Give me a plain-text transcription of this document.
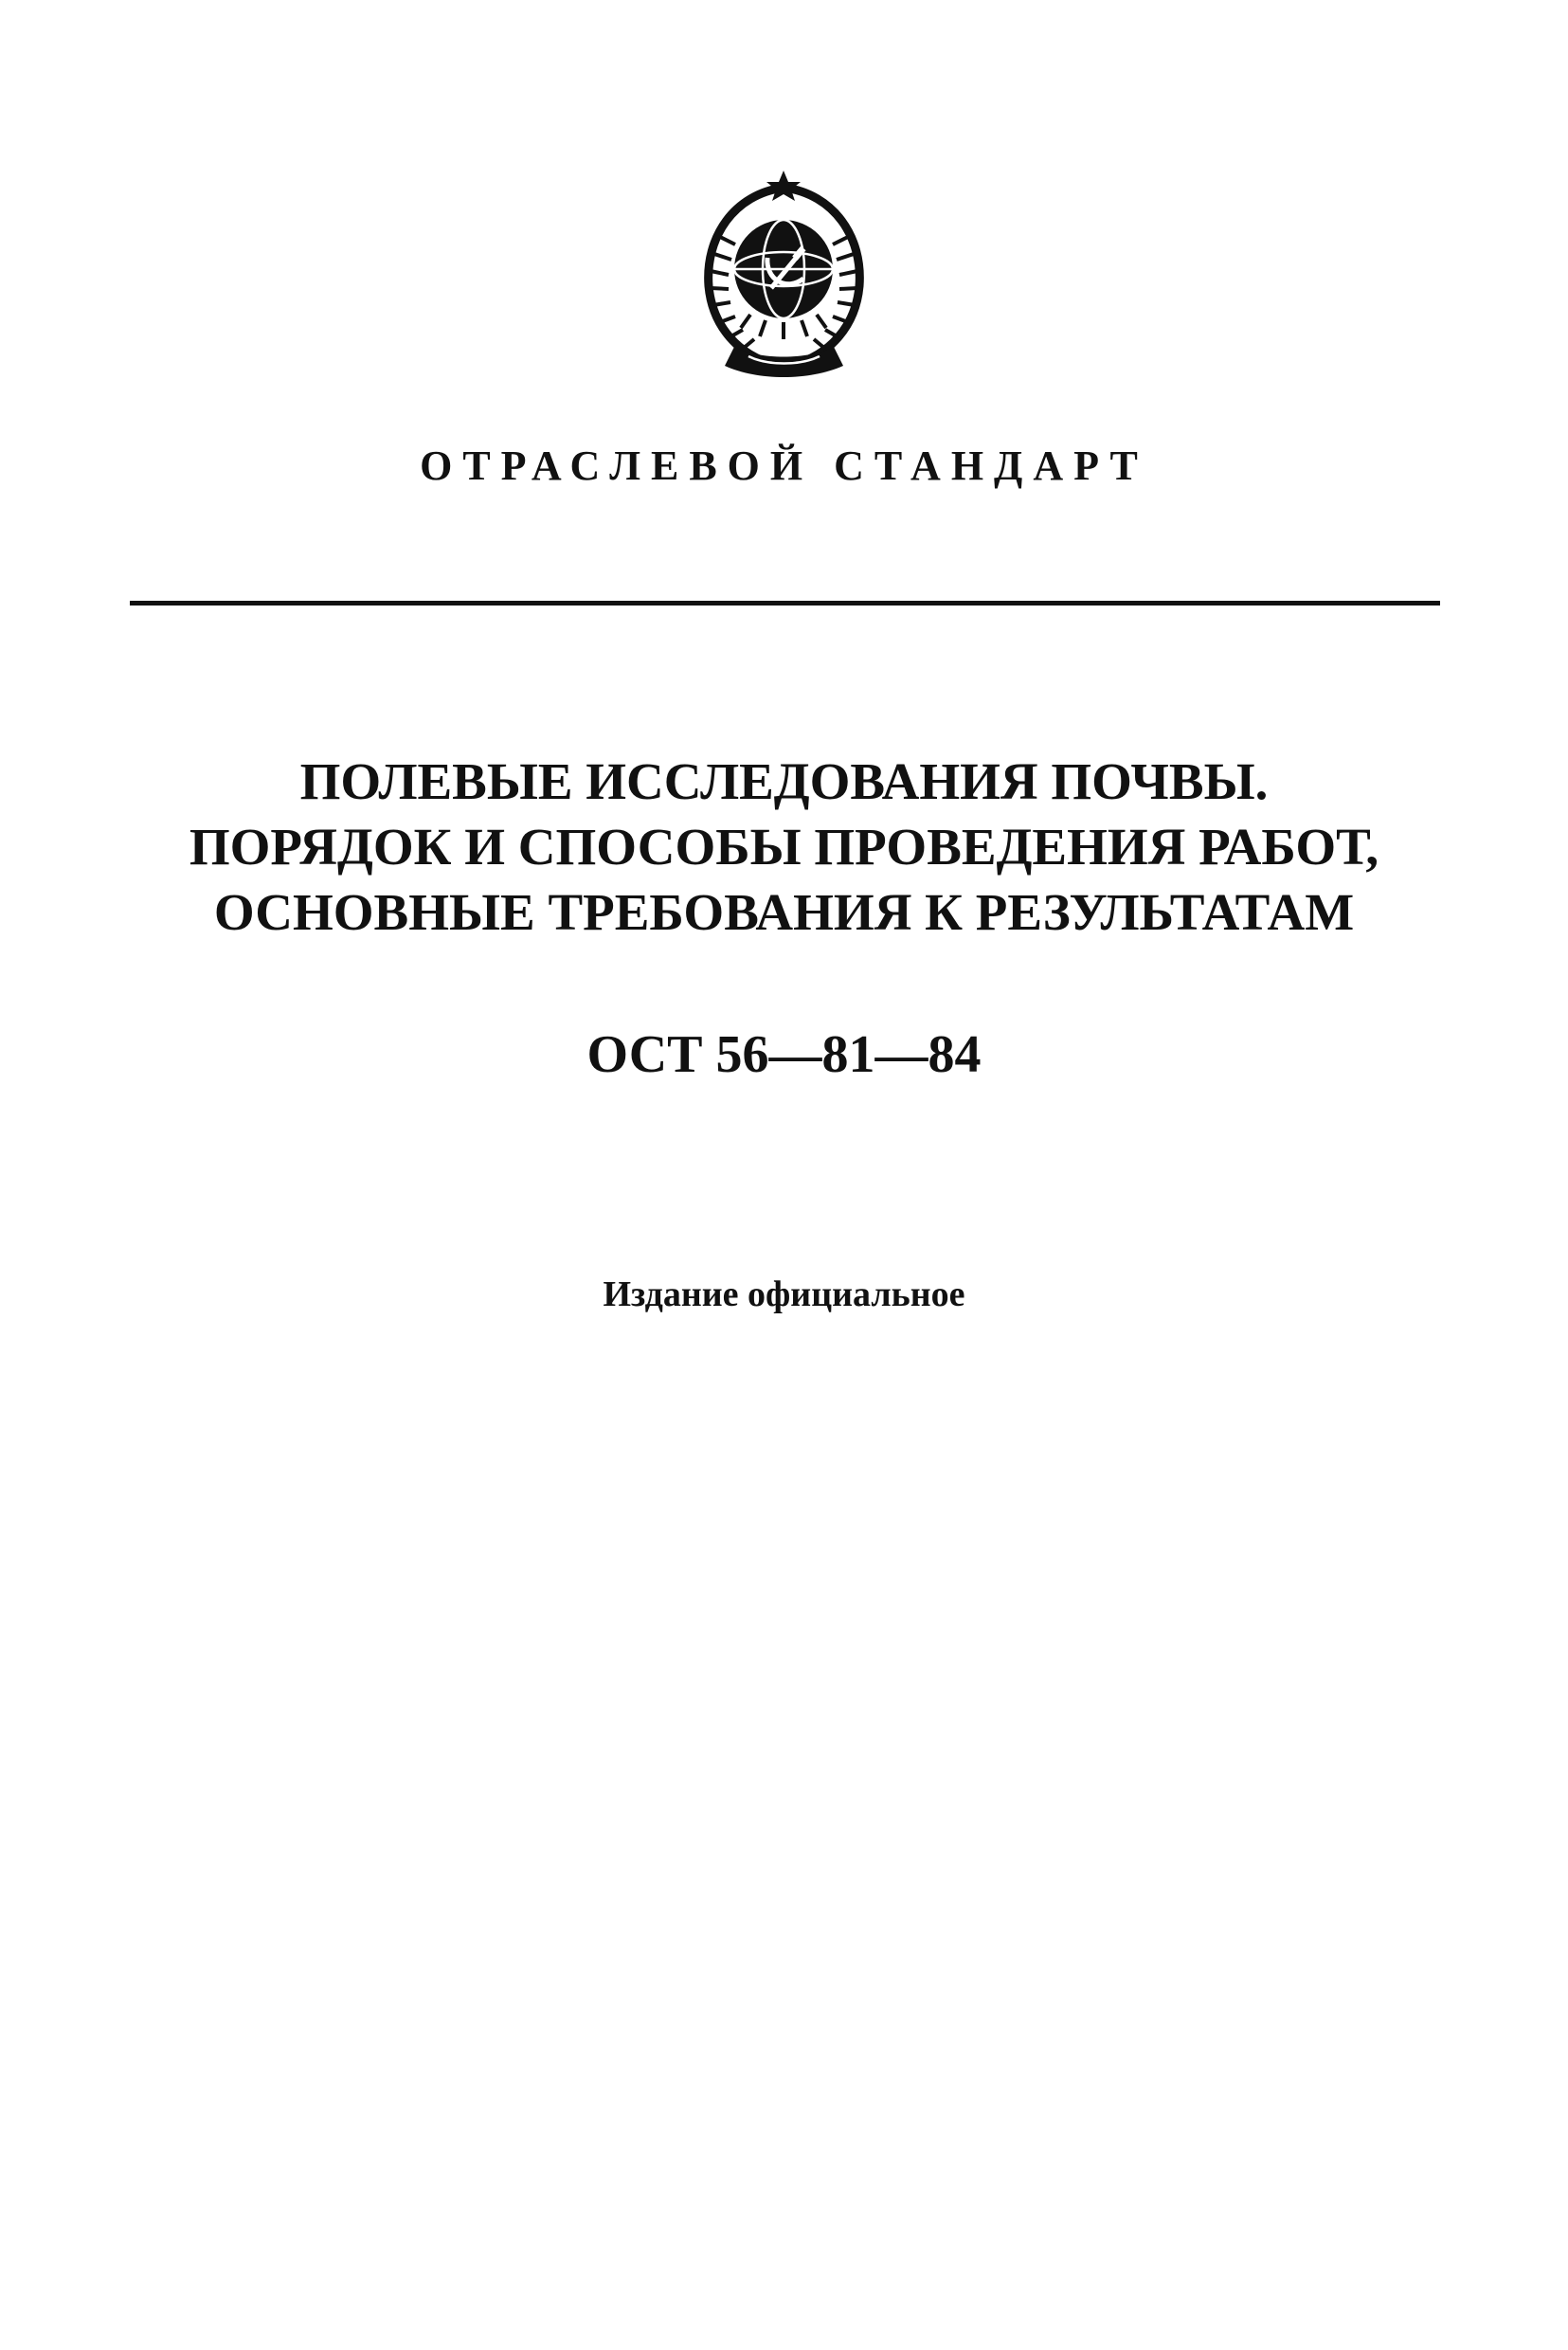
ОТРАСЛЕВОЙ СТАНДАРТ
ПОЛЕВЫЕ ИССЛЕДОВАНИЯ ПОЧВЫ.
ПОРЯДОК И СПОСОБЫ ПРОВЕДЕНИЯ РАБОТ,
ОСНОВНЫЕ ТРЕБОВАНИЯ К РЕЗУЛЬТАТАМ
ОСТ 56—81—84
Издание официальное
